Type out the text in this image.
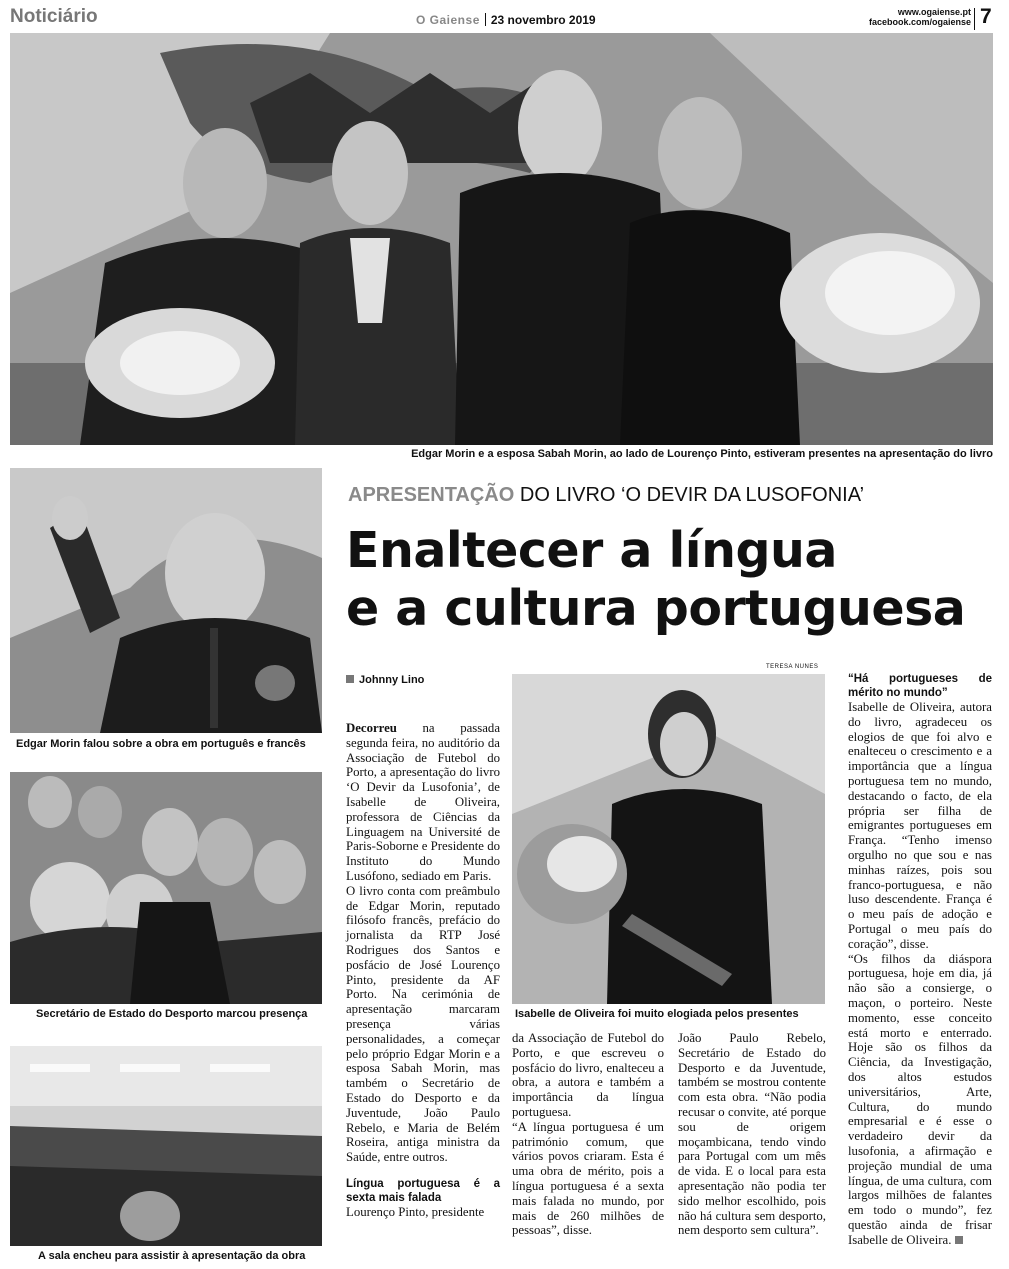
Noticiário	O Gaiense 23 novembro 2019
www.ogaiense.pt
facebook.com/ogaiense 7
Edgar Morin e a esposa Sabah Morin, ao lado de Lourenço Pinto, estiveram presentes na apresentação do livro
Edgar Morin falou sobre a obra em português e francês
Secretário de Estado do Desporto marcou presença
A sala encheu para assistir à apresentação da obra
APRESENTAÇÃO DO LIVRO ‘O DEVIR DA LUSOFONIA’
Enaltecer a língua
e a cultura portuguesa
Johnny Lino
TERESA NUNES
Isabelle de Oliveira foi muito elogiada pelos presentes

Decorreu na passada segunda feira, no auditório da Associação de Futebol do Porto, a apresentação do livro ‘O Devir da Lusofonia’, de Isabelle de Oliveira, professora de Ciências da Linguagem na Université de Paris-Soborne e Presidente do Instituto do Mundo Lusófono, sediado em Paris.

O livro conta com preâmbulo de Edgar Morin, reputado filósofo francês, prefácio do jornalista da RTP José Rodrigues dos Santos e posfácio de José Lourenço Pinto, presidente da AF Porto. Na cerimónia de apresentação marcaram presença várias personalidades, a começar pelo próprio Edgar Morin e a esposa Sabah Morin, mas também o Secretário de Estado do Desporto e da Juventude, João Paulo Rebelo, e Maria de Belém Roseira, antiga ministra da Saúde, entre outros.

Língua portuguesa é a sexta mais falada

Lourenço Pinto, presidente

da Associação de Futebol do Porto, e que escreveu o posfácio do livro, enalteceu a obra, a autora e também a importância da língua portuguesa.

“A língua portuguesa é um património comum, que vários povos criaram. Esta é uma obra de mérito, pois a língua portuguesa é a sexta mais falada no mundo, por mais de 260 milhões de pessoas”, disse.

João Paulo Rebelo, Secretário de Estado do Desporto e da Juventude, também se mostrou contente com esta obra. “Não podia recusar o convite, até porque sou de origem moçambicana, tendo vindo para Portugal com um mês de vida. E o local para esta apresentação não podia ter sido melhor escolhido, pois não há cultura sem desporto, nem desporto sem cultura”.

“Há portugueses de mérito no mundo”

Isabelle de Oliveira, autora do livro, agradeceu os elogios de que foi alvo e enalteceu o crescimento e a importância que a língua portuguesa tem no mundo, destacando o facto, de ela própria ser filha de emigrantes portugueses em França. “Tenho imenso orgulho no que sou e nas minhas raízes, pois sou franco-portuguesa, e não luso descendente. França é o meu país de adoção e Portugal o meu país do coração”, disse.

“Os filhos da diáspora portuguesa, hoje em dia, já não são a consierge, o maçon, o porteiro. Neste momento, esse conceito está morto e enterrado. Hoje são os filhos da Ciência, da Investigação, dos altos estudos universitários, Arte, Cultura, do mundo empresarial e é esse o verdadeiro devir da lusofonia, a afirmação e projeção mundial de uma língua, de uma cultura, com largos milhões de falantes em todo o mundo”, fez questão ainda de frisar Isabelle de Oliveira.
